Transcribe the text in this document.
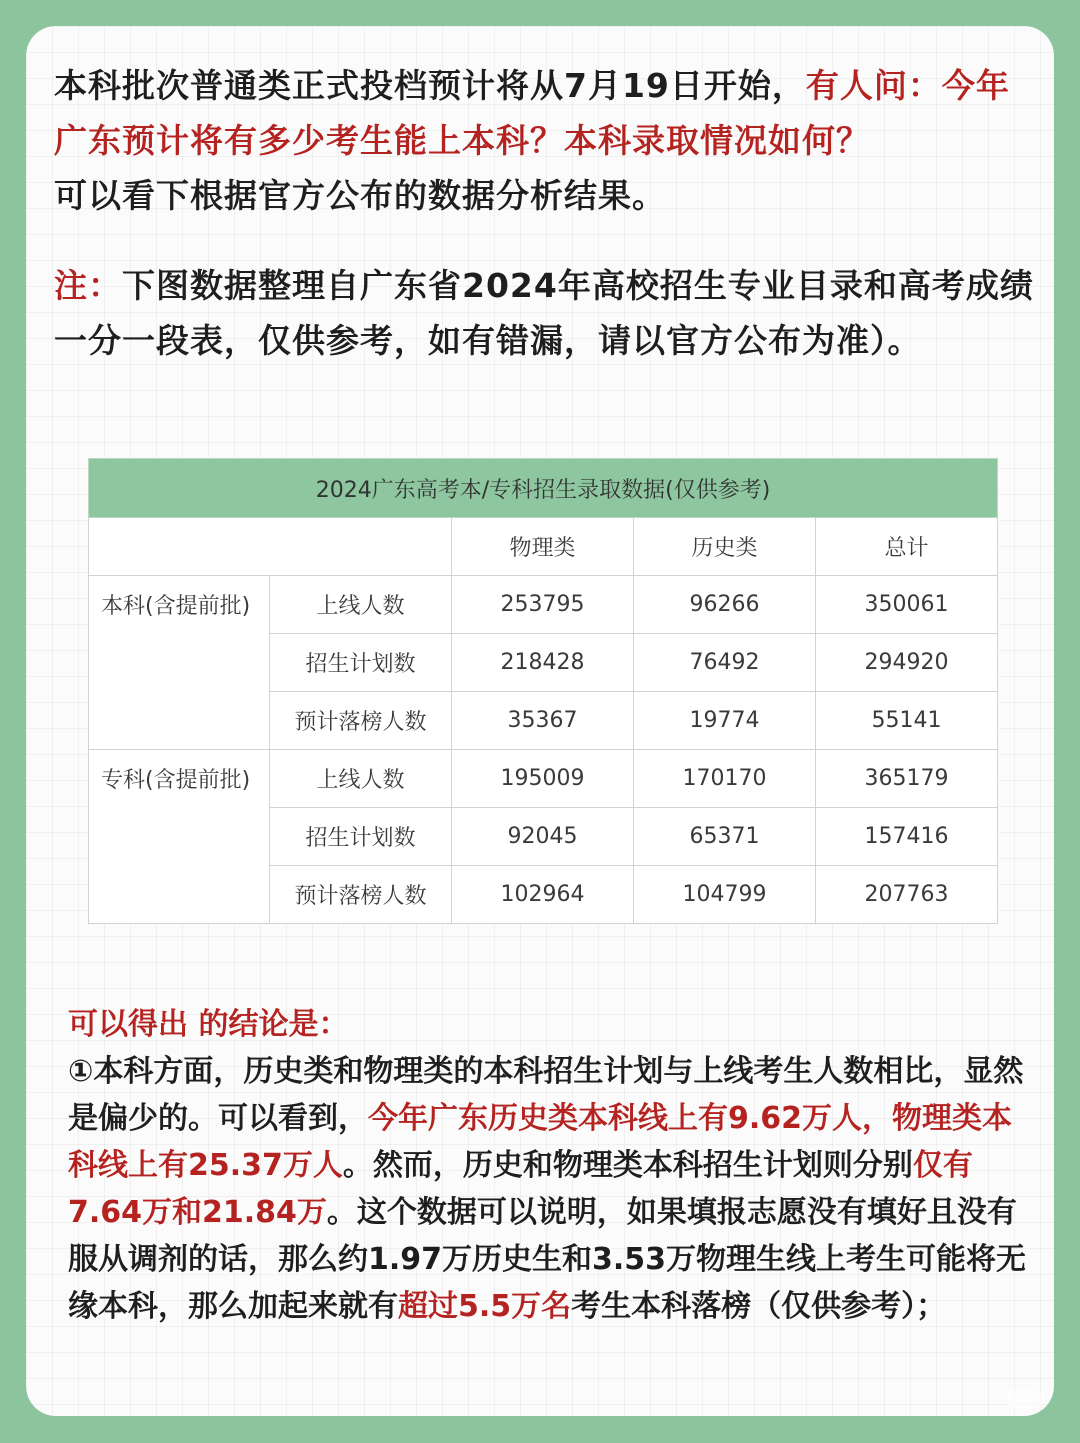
本科批次普通类正式投档预计将从7月19日开始，有人问：今年广东预计将有多少考生能上本科？本科录取情况如何？
可以看下根据官方公布的数据分析结果。

注：下图数据整理自广东省2024年高校招生专业目录和高考成绩一分一段表，仅供参考，如有错漏，请以官方公布为准）。

2024广东高考本/专科招生录取数据(仅供参考)				
		物理类	历史类	总计
本科(含提前批)	上线人数	253795	96266	350061
	招生计划数	218428	76492	294920
	预计落榜人数	35367	19774	55141
专科(含提前批)	上线人数	195009	170170	365179
	招生计划数	92045	65371	157416
	预计落榜人数	102964	104799	207763

可以得出 的结论是：
①本科方面，历史类和物理类的本科招生计划与上线考生人数相比，显然是偏少的。可以看到，今年广东历史类本科线上有9.62万人，物理类本科线上有25.37万人。然而，历史和物理类本科招生计划则分别仅有7.64万和21.84万。这个数据可以说明，如果填报志愿没有填好且没有服从调剂的话，那么约1.97万历史生和3.53万物理生线上考生可能将无缘本科，那么加起来就有超过5.5万名考生本科落榜（仅供参考）；
